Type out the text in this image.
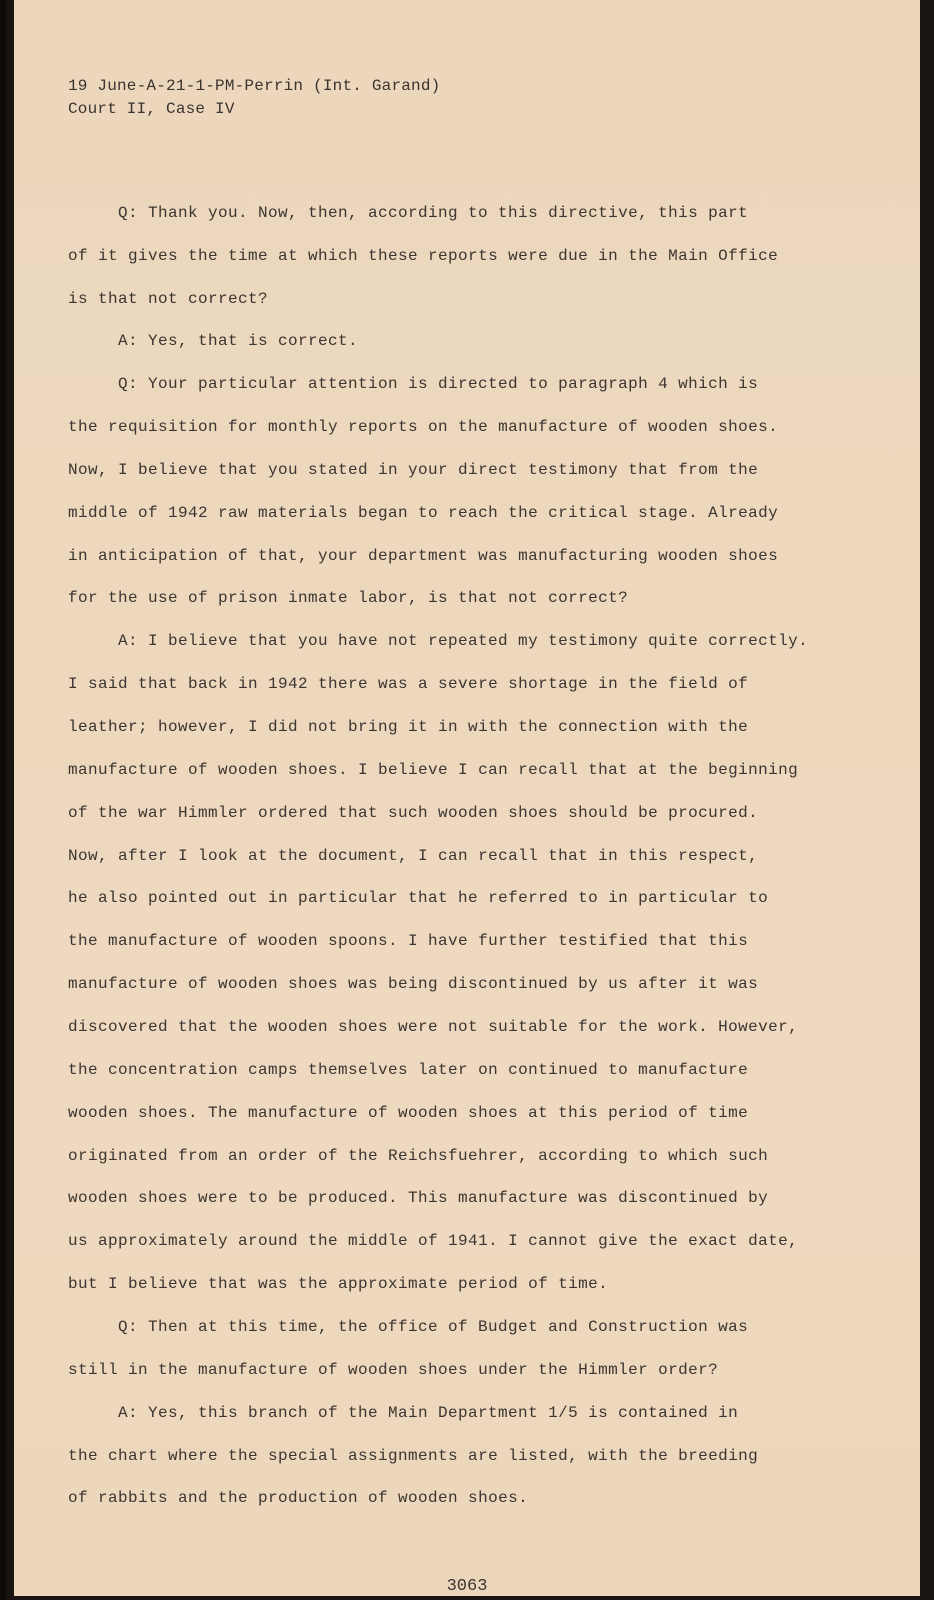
19 June-A-21-1-PM-Perrin (Int. Garand)
Court II, Case IV
Q: Thank you. Now, then, according to this directive, this part
of it gives the time at which these reports were due in the Main Office
is that not correct?
A: Yes, that is correct.
Q: Your particular attention is directed to paragraph 4 which is
the requisition for monthly reports on the manufacture of wooden shoes.
Now, I believe that you stated in your direct testimony that from the
middle of 1942 raw materials began to reach the critical stage. Already
in anticipation of that, your department was manufacturing wooden shoes
for the use of prison inmate labor, is that not correct?
A: I believe that you have not repeated my testimony quite correctly.
I said that back in 1942 there was a severe shortage in the field of
leather; however, I did not bring it in with the connection with the
manufacture of wooden shoes. I believe I can recall that at the beginning
of the war Himmler ordered that such wooden shoes should be procured.
Now, after I look at the document, I can recall that in this respect,
he also pointed out in particular that he referred to in particular to
the manufacture of wooden spoons. I have further testified that this
manufacture of wooden shoes was being discontinued by us after it was
discovered that the wooden shoes were not suitable for the work. However,
the concentration camps themselves later on continued to manufacture
wooden shoes. The manufacture of wooden shoes at this period of time
originated from an order of the Reichsfuehrer, according to which such
wooden shoes were to be produced. This manufacture was discontinued by
us approximately around the middle of 1941. I cannot give the exact date,
but I believe that was the approximate period of time.
Q: Then at this time, the office of Budget and Construction was
still in the manufacture of wooden shoes under the Himmler order?
A: Yes, this branch of the Main Department 1/5 is contained in
the chart where the special assignments are listed, with the breeding
of rabbits and the production of wooden shoes.
3063
